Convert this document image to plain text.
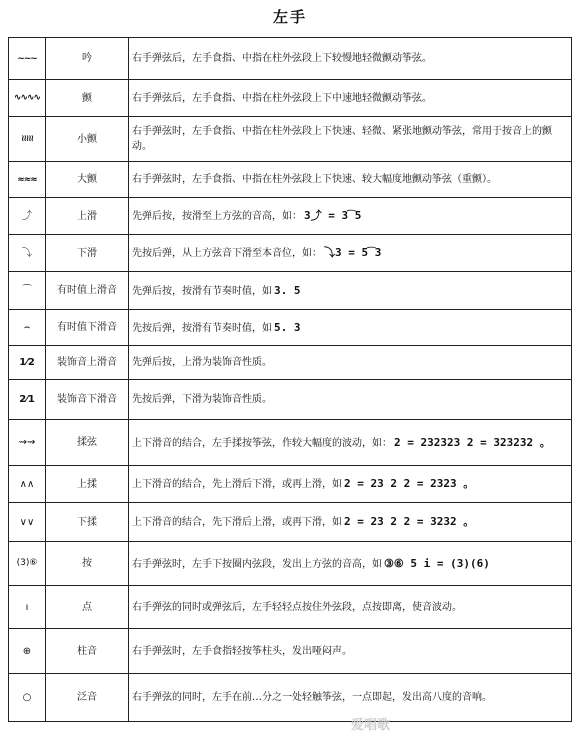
左手
~~~	吟	右手弹弦后，左手食指、中指在柱外弦段上下较慢地轻微颤动筝弦。
∿∿∿∿	颤	右手弹弦后，左手食指、中指在柱外弦段上下中速地轻微颤动筝弦。
≀≀≀≀≀	小颤	右手弹弦时，左手食指、中指在柱外弦段上下快速、轻微、紧张地颤动筝弦，常用于按音上的颤动。
≈≈≈	大颤	右手弹弦时，左手食指、中指在柱外弦段上下快速、较大幅度地颤动筝弦（重颤）。
⤴	上滑	先弹后按，按滑至上方弦的音高，如： 3⤴ = 3͡5
⤵	下滑	先按后弹，从上方弦音下滑至本音位，如： ⤵3 = 5͡3
⌒	有时值上滑音	先弹后按，按滑有节奏时值，如 3. 5
⌢	有时值下滑音	先按后弹，按滑有节奏时值，如 5. 3
1⁄2	装饰音上滑音	先弹后按，上滑为装饰音性质。
2⁄1	装饰音下滑音	先按后弹，下滑为装饰音性质。
⇝⇝	揉弦	上下滑音的结合，左手揉按筝弦，作较大幅度的波动，如： 2 = 232323 2 = 323232 。
∧∧	上揉	上下滑音的结合，先上滑后下滑，或再上滑，如 2 = 23 2 2 = 2323 。
∨∨	下揉	上下滑音的结合，先下滑后上滑，或再下滑，如 2 = 23 2 2 = 3232 。
(3)⑥	按	右手弹弦时，左手下按圈内弦段，发出上方弦的音高，如 ③⑥ 5 i = (3)(6)
ı	点	右手弹弦的同时或弹弦后，左手轻轻点按住外弦段，点按即离，使音波动。
⊕	柱音	右手弹弦时，左手食指轻按筝柱头，发出哑闷声。
○	泛音	右手弹弦的同时，左手在前…分之一处轻触筝弦，一点即起，发出高八度的音响。
爱唱歌
